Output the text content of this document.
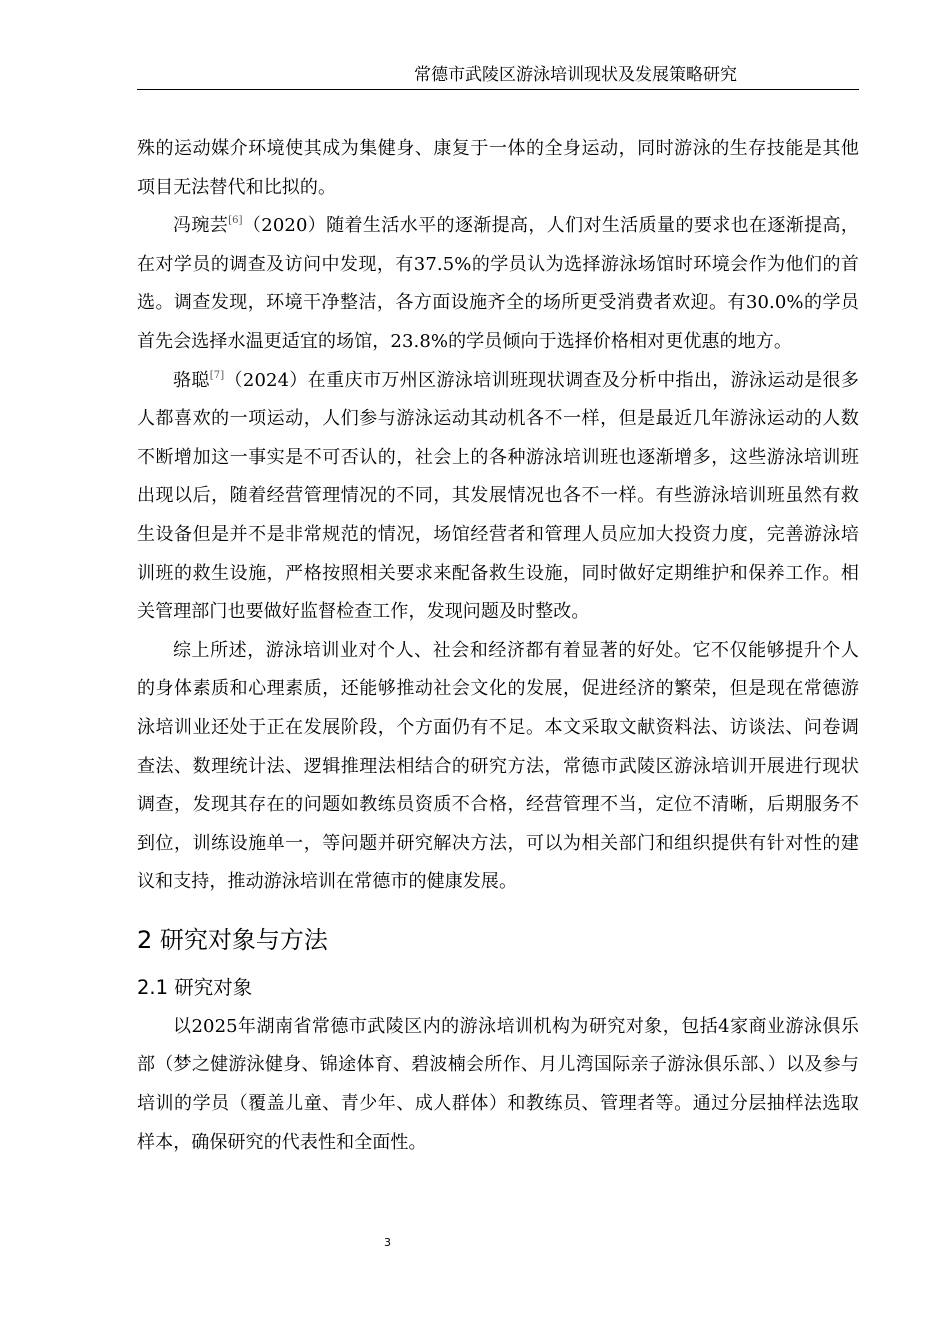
常德市武陵区游泳培训现状及发展策略研究

殊的运动媒介环境使其成为集健身、康复于一体的全身运动，同时游泳的生存技能是其他项目无法替代和比拟的。

冯琬芸[6]（2020）随着生活水平的逐渐提高，人们对生活质量的要求也在逐渐提高，在对学员的调查及访问中发现，有37.5%的学员认为选择游泳场馆时环境会作为他们的首选。调查发现，环境干净整洁，各方面设施齐全的场所更受消费者欢迎。有30.0%的学员首先会选择水温更适宜的场馆，23.8%的学员倾向于选择价格相对更优惠的地方。

骆聪[7]（2024）在重庆市万州区游泳培训班现状调查及分析中指出，游泳运动是很多人都喜欢的一项运动，人们参与游泳运动其动机各不一样，但是最近几年游泳运动的人数不断增加这一事实是不可否认的，社会上的各种游泳培训班也逐渐增多，这些游泳培训班出现以后，随着经营管理情况的不同，其发展情况也各不一样。有些游泳培训班虽然有救生设备但是并不是非常规范的情况，场馆经营者和管理人员应加大投资力度，完善游泳培训班的救生设施，严格按照相关要求来配备救生设施，同时做好定期维护和保养工作。相关管理部门也要做好监督检查工作，发现问题及时整改。

综上所述，游泳培训业对个人、社会和经济都有着显著的好处。它不仅能够提升个人的身体素质和心理素质，还能够推动社会文化的发展，促进经济的繁荣，但是现在常德游泳培训业还处于正在发展阶段，个方面仍有不足。本文采取文献资料法、访谈法、问卷调查法、数理统计法、逻辑推理法相结合的研究方法，常德市武陵区游泳培训开展进行现状调查，发现其存在的问题如教练员资质不合格，经营管理不当，定位不清晰，后期服务不到位，训练设施单一，等问题并研究解决方法，可以为相关部门和组织提供有针对性的建议和支持，推动游泳培训在常德市的健康发展。

2 研究对象与方法
2.1 研究对象

以2025年湖南省常德市武陵区内的游泳培训机构为研究对象，包括4家商业游泳俱乐部（梦之健游泳健身、锦途体育、碧波楠会所作、月儿湾国际亲子游泳俱乐部、）以及参与培训的学员（覆盖儿童、青少年、成人群体）和教练员、管理者等。通过分层抽样法选取样本，确保研究的代表性和全面性。

3
